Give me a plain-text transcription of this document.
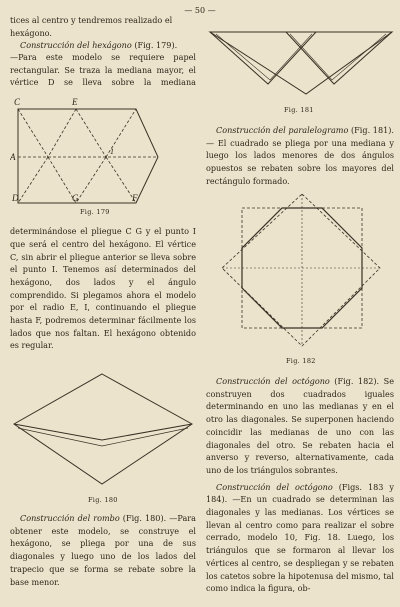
— 50 —

tices al centro y tendremos realizado el

hexágono.

Construcción del hexágono (Fig. 179).

—Para este modelo se requiere papel rectangular. Se traza la mediana mayor, el vértice D se lleva sobre la mediana

C	E
A
1
D	G	F
Fig. 179

determinándose el pliegue C G y el punto I que será el centro del hexágono. El vértice C, sin abrir el pliegue anterior se lleva sobre el punto I. Tenemos así determinados del hexágono, dos lados y el ángulo comprendido. Si plegamos ahora el modelo por el radio E, I, continuando el pliegue hasta F, podremos determinar fácilmente los lados que nos faltan. El hexágono obtenido es regular.

Fig. 180

Construcción del rombo (Fig. 180). —Para obtener este modelo, se construye el hexágono, se pliega por una de sus diagonales y luego uno de los lados del trapecio que se forma se rebate sobre la base menor.

Fig. 181

Construcción del paralelogramo (Fig. 181). — El cuadrado se pliega por una mediana y luego los lados menores de dos ángulos opuestos se rebaten sobre los mayores del rectángulo formado.

Fig. 182

Construcción del octógono (Fig. 182). Se construyen dos cuadrados iguales determinando en uno las medianas y en el otro las diagonales. Se superponen haciendo coincidir las medianas de uno con las diagonales del otro. Se rebaten hacia el anverso y reverso, alternativamente, cada uno de los triángulos sobrantes.

Construcción del octógono (Figs. 183 y 184). —En un cuadrado se determinan las diagonales y las medianas. Los vértices se llevan al centro como para realizar el sobre cerrado, modelo 10, Fig. 18. Luego, los triángulos que se formaron al llevar los vértices al centro, se despliegan y se rebaten los catetos sobre la hipotenusa del mismo, tal como indica la figura, ob-
